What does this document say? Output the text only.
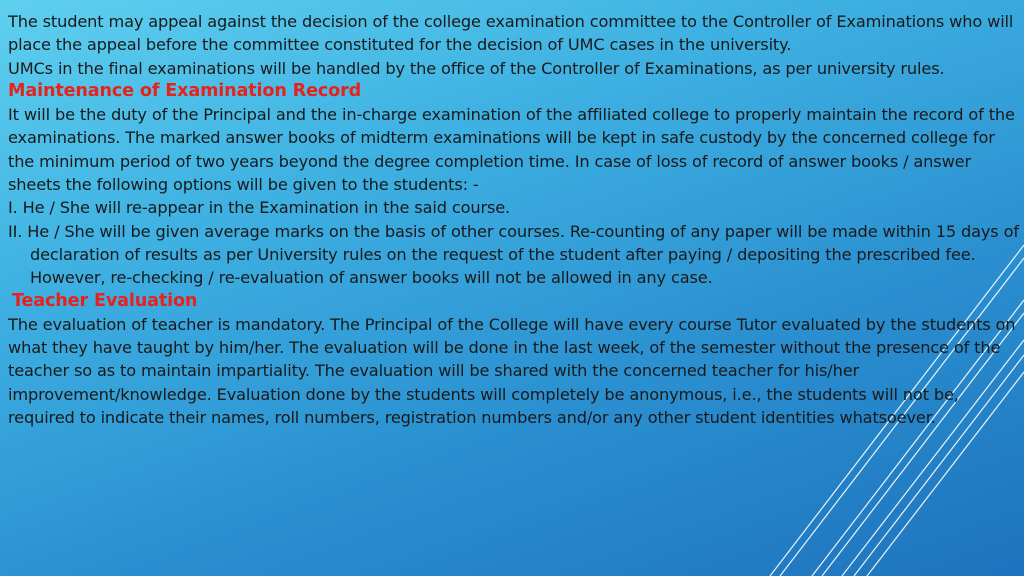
The student may appeal against the decision of the college examination committee to the Controller of Examinations who will place the appeal before the committee constituted for the decision of UMC cases in the university.

UMCs in the final examinations will be handled by the office of the Controller of Examinations, as per university rules.

Maintenance of Examination Record

It will be the duty of the Principal and the in-charge examination of the affiliated college to properly maintain the record of the examinations. The marked answer books of midterm examinations will be kept in safe custody by the concerned college for the minimum period of two years beyond the degree completion time. In case of loss of record of answer books / answer sheets the following options will be given to the students: -

I. He / She will re-appear in the Examination in the said course.

II. He / She will be given average marks on the basis of other courses. Re-counting of any paper will be made within 15 days of declaration of results as per University rules on the request of the student after paying / depositing the prescribed fee. However, re-checking / re-evaluation of answer books will not be allowed in any case.

Teacher Evaluation

The evaluation of teacher is mandatory. The Principal of the College will have every course Tutor evaluated by the students on what they have taught by him/her. The evaluation will be done in the last week, of the semester without the presence of the teacher so as to maintain impartiality. The evaluation will be shared with the concerned teacher for his/her improvement/knowledge. Evaluation done by the students will completely be anonymous, i.e., the students will not be, required to indicate their names, roll numbers, registration numbers and/or any other student identities whatsoever.
